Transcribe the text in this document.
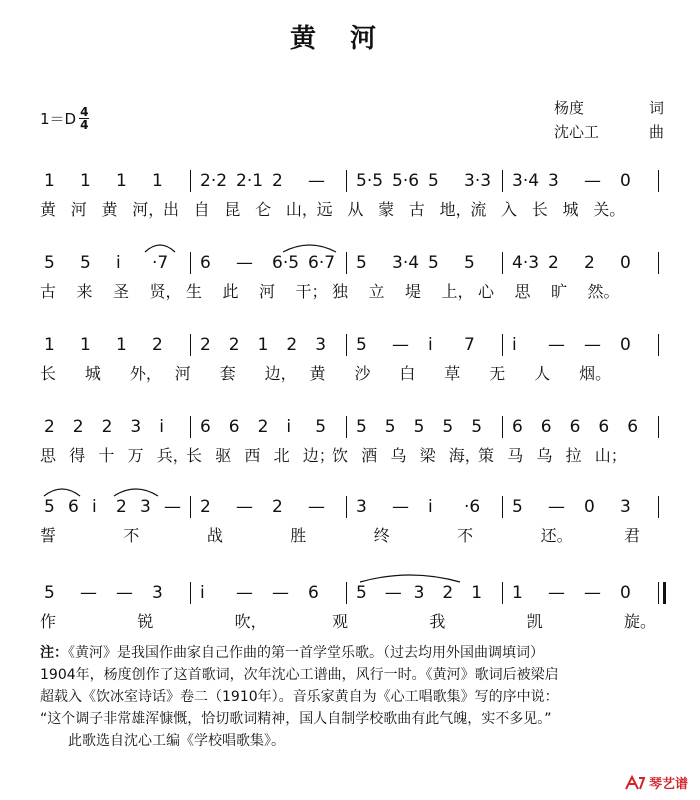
黄河
$1=D \frac{4}{4}$	杨度	词
沈心工	曲
1 1 1 1 2·2 2·1 2 — 5·5 5·6 5 3·3 3·4 3 — 0
黄 河 黄 河，
出 自 昆 仑 山，
远 从 蒙 古 地，
流 入 长 城 关。
5 5 i ·7 6 — 6·5 6·7 5 3·4 5 5 4·3 2 2 0
古 来 圣 贤， 生 此 河 干； 独 立 堤 上， 心 思 旷 然。
1 1 1 2 2 2 1 2 3 5 — i 7 i — — 0
长 城 外， 河 套 边， 黄 沙 白 草 无 人 烟。
2 2 2 3 i 6 6 2 i 5 5 5 5 5 5 6 6 6 6 6
思 得 十 万 兵，
长 驱 西 北 边；
饮 酒 乌 梁 海，
策 马 乌 拉 山；
5 6 i 2 3 — 2 — 2 — 3 — i ·6 5 — 0 3
誓	不	战	胜	终	不	还。	君
5 — — 3 i — — 6 5 — 3 2 1 1 — — 0
作	锐	吹，	观	我	凯	旋。

注：《黄河》是我国作曲家自己作曲的第一首学堂乐歌。（过去均用外国曲调填词）

1904年，杨度创作了这首歌词，次年沈心工谱曲，风行一时。《黄河》歌词后被梁启

超载入《饮冰室诗话》卷二（1910年）。音乐家黄自为《心工唱歌集》写的序中说：

“这个调子非常雄浑慷慨，恰切歌词精神，国人自制学校歌曲有此气魄，实不多见。”

此歌选自沈心工编《学校唱歌集》。

琴艺谱
